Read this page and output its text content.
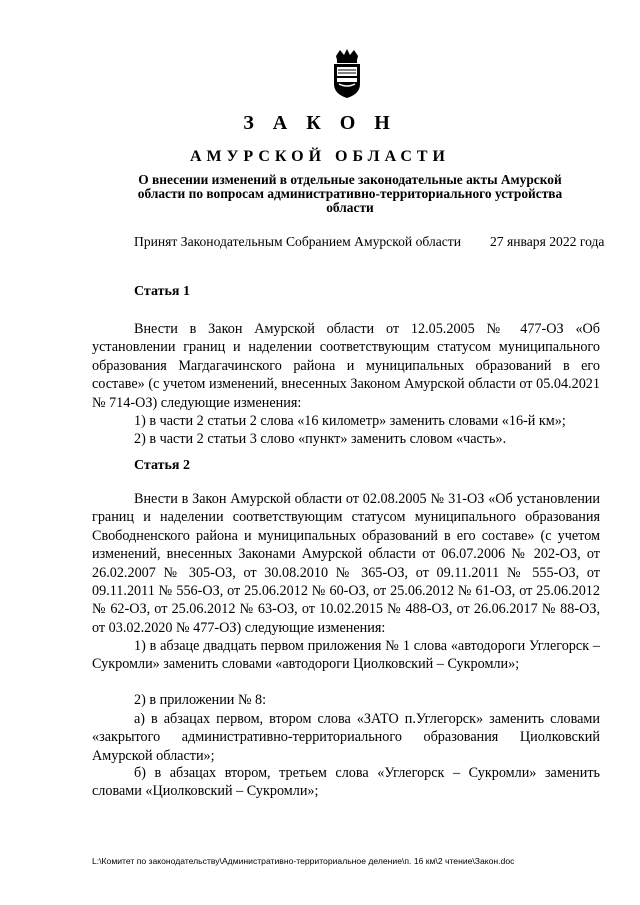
З А К О Н
АМУРСКОЙ ОБЛАСТИ
О внесении изменений в отдельные законодательные акты Амурской области по вопросам административно-территориального устройства области
Принят Законодательным Собранием Амурской области 27 января 2022 года
Статья 1

Внести в Закон Амурской области от 12.05.2005 № 477-ОЗ «Об установлении границ и наделении соответствующим статусом муниципального образования Магдагачинского района и муниципальных образований в его составе» (с учетом изменений, внесенных Законом Амурской области от 05.04.2021 № 714-ОЗ) следующие изменения:

1) в части 2 статьи 2 слова «16 километр» заменить словами «16-й км»;

2) в части 2 статьи 3 слово «пункт» заменить словом «часть».

Статья 2

Внести в Закон Амурской области от 02.08.2005 № 31-ОЗ «Об установлении границ и наделении соответствующим статусом муниципального образования Свободненского района и муниципальных образований в его составе» (с учетом изменений, внесенных Законами Амурской области от 06.07.2006 № 202-ОЗ, от 26.02.2007 № 305-ОЗ, от 30.08.2010 № 365-ОЗ, от 09.11.2011 № 555-ОЗ, от 09.11.2011 № 556-ОЗ, от 25.06.2012 № 60-ОЗ, от 25.06.2012 № 61-ОЗ, от 25.06.2012 № 62-ОЗ, от 25.06.2012 № 63-ОЗ, от 10.02.2015 № 488-ОЗ, от 26.06.2017 № 88-ОЗ, от 03.02.2020 № 477-ОЗ) следующие изменения:

1) в абзаце двадцать первом приложения № 1 слова «автодороги Углегорск – Сукромли» заменить словами «автодороги Циолковский – Сукромли»;

2) в приложении № 8:

а) в абзацах первом, втором слова «ЗАТО п.Углегорск» заменить словами «закрытого административно-территориального образования Циолковский Амурской области»;

б) в абзацах втором, третьем слова «Углегорск – Сукромли» заменить словами «Циолковский – Сукромли»;

L:\Комитет по законодательству\Административно-территориальное деление\п. 16 км\2 чтение\Закон.doc
